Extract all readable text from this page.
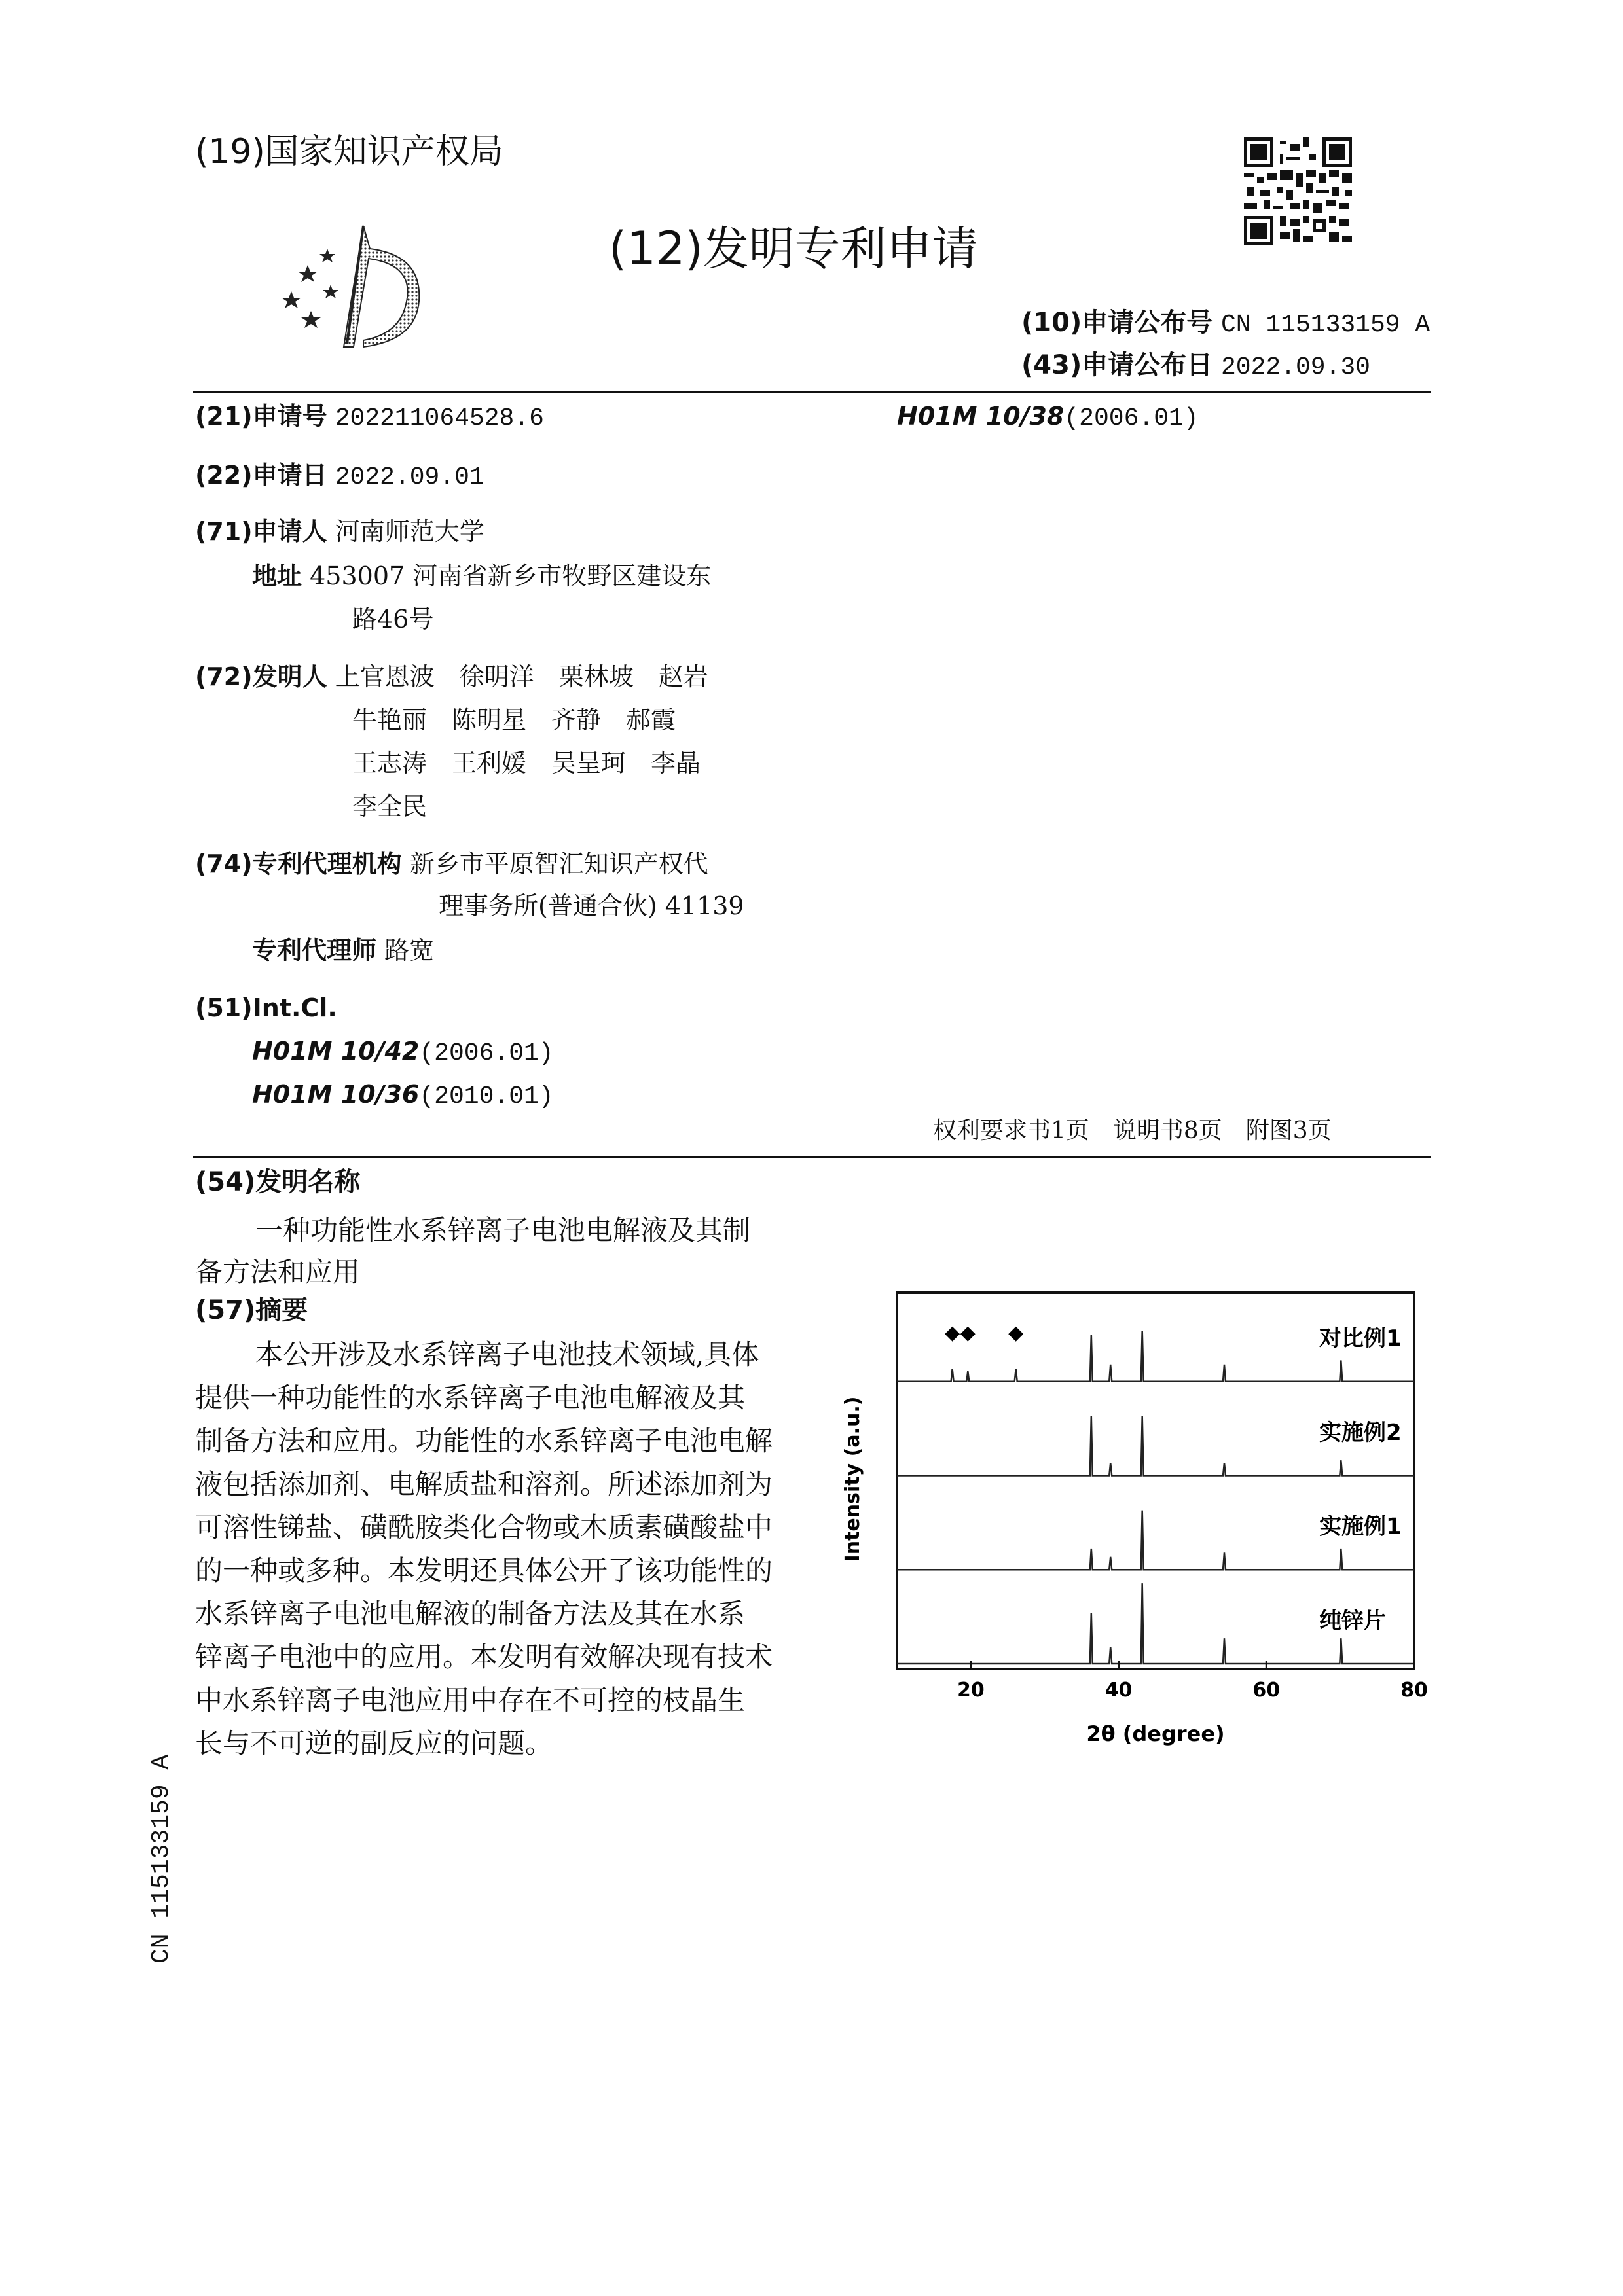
(19)国家知识产权局
(12)发明专利申请
(10)申请公布号 CN 115133159 A
(43)申请公布日 2022.09.30
(21)申请号 202211064528.6	H01M 10/38(2006.01)
(22)申请日 2022.09.01
(71)申请人 河南师范大学
地址 453007 河南省新乡市牧野区建设东
路46号
(72)发明人 上官恩波　徐明洋　栗林坡　赵岩
牛艳丽　陈明星　齐静　郝霞
王志涛　王利媛　吴呈珂　李晶
李全民
(74)专利代理机构 新乡市平原智汇知识产权代
理事务所(普通合伙) 41139
专利代理师 路宽
(51)Int.Cl.
H01M 10/42(2006.01)
H01M 10/36(2010.01)
权利要求书1页　说明书8页　附图3页
(54)发明名称
一种功能性水系锌离子电池电解液及其制
备方法和应用
(57)摘要
本公开涉及水系锌离子电池技术领域,具体
提供一种功能性的水系锌离子电池电解液及其
制备方法和应用。功能性的水系锌离子电池电解
液包括添加剂、电解质盐和溶剂。所述添加剂为
可溶性锑盐、磺酰胺类化合物或木质素磺酸盐中
的一种或多种。本发明还具体公开了该功能性的
水系锌离子电池电解液的制备方法及其在水系
锌离子电池中的应用。本发明有效解决现有技术
中水系锌离子电池应用中存在不可控的枝晶生
长与不可逆的副反应的问题。
对比例1
◆ ◆ ◆
实施例2
实施例1
纯锌片
20	40	60	80
Intensity (a.u.)
2θ (degree)
CN 115133159 A
